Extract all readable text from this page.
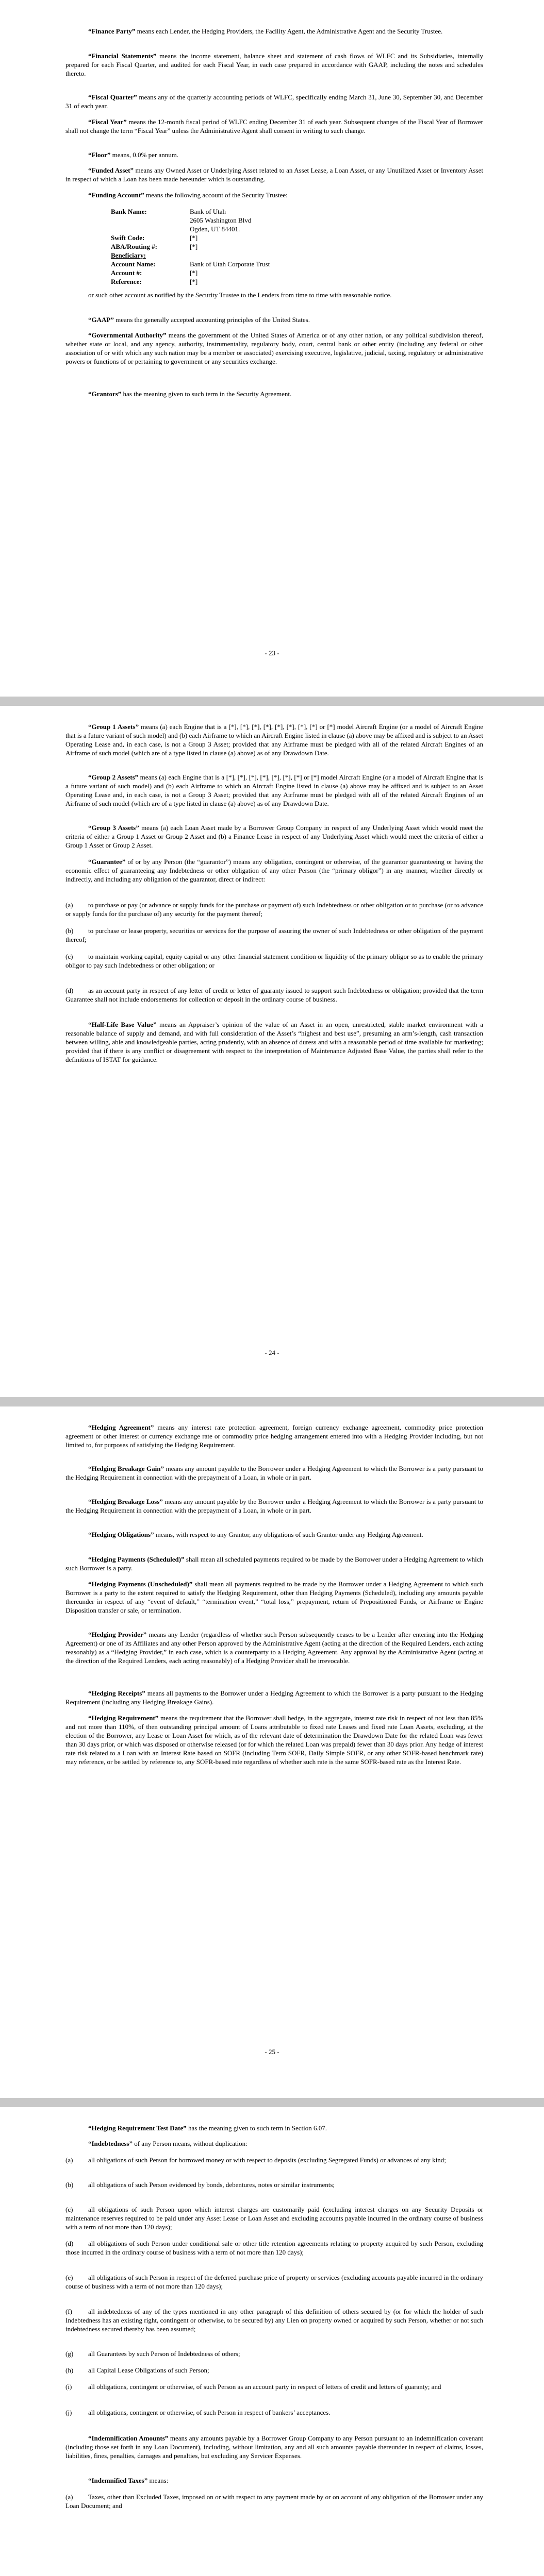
“Finance Party” means each Lender, the Hedging Providers, the Facility Agent, the Administrative Agent and the Security Trustee.

“Financial Statements” means the income statement, balance sheet and statement of cash flows of WLFC and its Subsidiaries, internally prepared for each Fiscal Quarter, and audited for each Fiscal Year, in each case prepared in accordance with GAAP, including the notes and schedules thereto.

“Fiscal Quarter” means any of the quarterly accounting periods of WLFC, specifically ending March 31, June 30, September 30, and December 31 of each year.

“Fiscal Year” means the 12-month fiscal period of WLFC ending December 31 of each year. Subsequent changes of the Fiscal Year of Borrower shall not change the term “Fiscal Year” unless the Administrative Agent shall consent in writing to such change.

“Floor” means, 0.0% per annum.

“Funded Asset” means any Owned Asset or Underlying Asset related to an Asset Lease, a Loan Asset, or any Unutilized Asset or Inventory Asset in respect of which a Loan has been made hereunder which is outstanding.

“Funding Account” means the following account of the Security Trustee:

Bank Name:	Bank of Utah
2605 Washington Blvd
Ogden, UT 84401.
Swift Code:	[*]
ABA/Routing #:	[*]
Beneficiary:
Account Name:	Bank of Utah Corporate Trust
Account #:	[*]
Reference:	[*]

or such other account as notified by the Security Trustee to the Lenders from time to time with reasonable notice.

“GAAP” means the generally accepted accounting principles of the United States.

“Governmental Authority” means the government of the United States of America or of any other nation, or any political subdivision thereof, whether state or local, and any agency, authority, instrumentality, regulatory body, court, central bank or other entity (including any federal or other association of or with which any such nation may be a member or associated) exercising executive, legislative, judicial, taxing, regulatory or administrative powers or functions of or pertaining to government or any securities exchange.

“Grantors” has the meaning given to such term in the Security Agreement.

- 23 -

“Group 1 Assets” means (a) each Engine that is a [*], [*], [*], [*], [*], [*], [*], [*] or [*] model Aircraft Engine (or a model of Aircraft Engine that is a future variant of such model) and (b) each Airframe to which an Aircraft Engine listed in clause (a) above may be affixed and is subject to an Asset Operating Lease and, in each case, is not a Group 3 Asset; provided that any Airframe must be pledged with all of the related Aircraft Engines of an Airframe of such model (which are of a type listed in clause (a) above) as of any Drawdown Date.

“Group 2 Assets” means (a) each Engine that is a [*], [*], [*], [*], [*], [*], [*] or [*] model Aircraft Engine (or a model of Aircraft Engine that is a future variant of such model) and (b) each Airframe to which an Aircraft Engine listed in clause (a) above may be affixed and is subject to an Asset Operating Lease and, in each case, is not a Group 3 Asset; provided that any Airframe must be pledged with all of the related Aircraft Engines of an Airframe of such model (which are of a type listed in clause (a) above) as of any Drawdown Date.

“Group 3 Assets” means (a) each Loan Asset made by a Borrower Group Company in respect of any Underlying Asset which would meet the criteria of either a Group 1 Asset or Group 2 Asset and (b) a Finance Lease in respect of any Underlying Asset which would meet the criteria of either a Group 1 Asset or Group 2 Asset.

“Guarantee” of or by any Person (the “guarantor”) means any obligation, contingent or otherwise, of the guarantor guaranteeing or having the economic effect of guaranteeing any Indebtedness or other obligation of any other Person (the “primary obligor”) in any manner, whether directly or indirectly, and including any obligation of the guarantor, direct or indirect:

(a) to purchase or pay (or advance or supply funds for the purchase or payment of) such Indebtedness or other obligation or to purchase (or to advance or supply funds for the purchase of) any security for the payment thereof;

(b) to purchase or lease property, securities or services for the purpose of assuring the owner of such Indebtedness or other obligation of the payment thereof;

(c) to maintain working capital, equity capital or any other financial statement condition or liquidity of the primary obligor so as to enable the primary obligor to pay such Indebtedness or other obligation; or

(d) as an account party in respect of any letter of credit or letter of guaranty issued to support such Indebtedness or obligation; provided that the term Guarantee shall not include endorsements for collection or deposit in the ordinary course of business.

“Half-Life Base Value” means an Appraiser’s opinion of the value of an Asset in an open, unrestricted, stable market environment with a reasonable balance of supply and demand, and with full consideration of the Asset’s “highest and best use”, presuming an arm’s-length, cash transaction between willing, able and knowledgeable parties, acting prudently, with an absence of duress and with a reasonable period of time available for marketing; provided that if there is any conflict or disagreement with respect to the interpretation of Maintenance Adjusted Base Value, the parties shall refer to the definitions of ISTAT for guidance.

- 24 -

“Hedging Agreement” means any interest rate protection agreement, foreign currency exchange agreement, commodity price protection agreement or other interest or currency exchange rate or commodity price hedging arrangement entered into with a Hedging Provider including, but not limited to, for purposes of satisfying the Hedging Requirement.

“Hedging Breakage Gain” means any amount payable to the Borrower under a Hedging Agreement to which the Borrower is a party pursuant to the Hedging Requirement in connection with the prepayment of a Loan, in whole or in part.

“Hedging Breakage Loss” means any amount payable by the Borrower under a Hedging Agreement to which the Borrower is a party pursuant to the Hedging Requirement in connection with the prepayment of a Loan, in whole or in part.

“Hedging Obligations” means, with respect to any Grantor, any obligations of such Grantor under any Hedging Agreement.

“Hedging Payments (Scheduled)” shall mean all scheduled payments required to be made by the Borrower under a Hedging Agreement to which such Borrower is a party.

“Hedging Payments (Unscheduled)” shall mean all payments required to be made by the Borrower under a Hedging Agreement to which such Borrower is a party to the extent required to satisfy the Hedging Requirement, other than Hedging Payments (Scheduled), including any amounts payable thereunder in respect of any “event of default,” “termination event,” “total loss,” prepayment, return of Prepositioned Funds, or Airframe or Engine Disposition transfer or sale, or termination.

“Hedging Provider” means any Lender (regardless of whether such Person subsequently ceases to be a Lender after entering into the Hedging Agreement) or one of its Affiliates and any other Person approved by the Administrative Agent (acting at the direction of the Required Lenders, each acting reasonably) as a “Hedging Provider,” in each case, which is a counterparty to a Hedging Agreement. Any approval by the Administrative Agent (acting at the direction of the Required Lenders, each acting reasonably) of a Hedging Provider shall be irrevocable.

“Hedging Receipts” means all payments to the Borrower under a Hedging Agreement to which the Borrower is a party pursuant to the Hedging Requirement (including any Hedging Breakage Gains).

“Hedging Requirement” means the requirement that the Borrower shall hedge, in the aggregate, interest rate risk in respect of not less than 85% and not more than 110%, of then outstanding principal amount of Loans attributable to fixed rate Leases and fixed rate Loan Assets, excluding, at the election of the Borrower, any Lease or Loan Asset for which, as of the relevant date of determination the Drawdown Date for the related Loan was fewer than 30 days prior, or which was disposed or otherwise released (or for which the related Loan was prepaid) fewer than 30 days prior. Any hedge of interest rate risk related to a Loan with an Interest Rate based on SOFR (including Term SOFR, Daily Simple SOFR, or any other SOFR-based benchmark rate) may reference, or be settled by reference to, any SOFR-based rate regardless of whether such rate is the same SOFR-based rate as the Interest Rate.

- 25 -

“Hedging Requirement Test Date” has the meaning given to such term in Section 6.07.

“Indebtedness” of any Person means, without duplication:

(a) all obligations of such Person for borrowed money or with respect to deposits (excluding Segregated Funds) or advances of any kind;

(b) all obligations of such Person evidenced by bonds, debentures, notes or similar instruments;

(c) all obligations of such Person upon which interest charges are customarily paid (excluding interest charges on any Security Deposits or maintenance reserves required to be paid under any Asset Lease or Loan Asset and excluding accounts payable incurred in the ordinary course of business with a term of not more than 120 days);

(d) all obligations of such Person under conditional sale or other title retention agreements relating to property acquired by such Person, excluding those incurred in the ordinary course of business with a term of not more than 120 days);

(e) all obligations of such Person in respect of the deferred purchase price of property or services (excluding accounts payable incurred in the ordinary course of business with a term of not more than 120 days);

(f) all indebtedness of any of the types mentioned in any other paragraph of this definition of others secured by (or for which the holder of such Indebtedness has an existing right, contingent or otherwise, to be secured by) any Lien on property owned or acquired by such Person, whether or not such indebtedness secured thereby has been assumed;

(g) all Guarantees by such Person of Indebtedness of others;

(h) all Capital Lease Obligations of such Person;

(i) all obligations, contingent or otherwise, of such Person as an account party in respect of letters of credit and letters of guaranty; and

(j) all obligations, contingent or otherwise, of such Person in respect of bankers’ acceptances.

“Indemnification Amounts” means any amounts payable by a Borrower Group Company to any Person pursuant to an indemnification covenant (including those set forth in any Loan Document), including, without limitation, any and all such amounts payable thereunder in respect of claims, losses, liabilities, fines, penalties, damages and penalties, but excluding any Servicer Expenses.

“Indemnified Taxes” means:

(a) Taxes, other than Excluded Taxes, imposed on or with respect to any payment made by or on account of any obligation of the Borrower under any Loan Document; and
